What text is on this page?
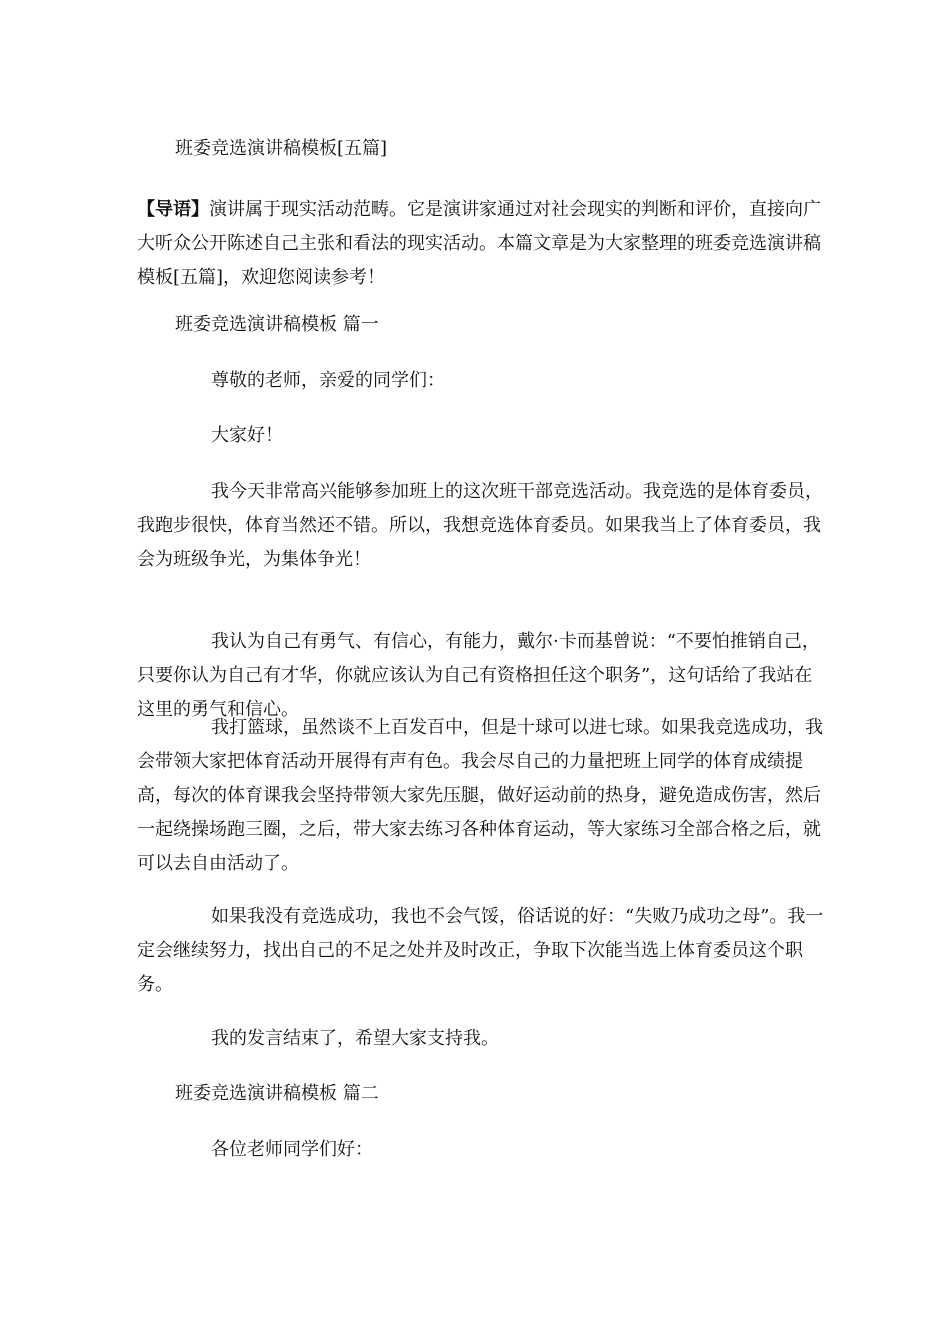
班委竞选演讲稿模板[五篇]

【导语】演讲属于现实活动范畴。它是演讲家通过对社会现实的判断和评价，直接向广大听众公开陈述自己主张和看法的现实活动。本篇文章是为大家整理的班委竞选演讲稿模板[五篇]，欢迎您阅读参考！

班委竞选演讲稿模板 篇一

尊敬的老师，亲爱的同学们：

大家好！

我今天非常高兴能够参加班上的这次班干部竞选活动。我竞选的是体育委员，我跑步很快，体育当然还不错。所以，我想竞选体育委员。如果我当上了体育委员，我会为班级争光，为集体争光！

我认为自己有勇气、有信心，有能力，戴尔·卡而基曾说：“不要怕推销自己，只要你认为自己有才华，你就应该认为自己有资格担任这个职务”，这句话给了我站在这里的勇气和信心。

我打篮球，虽然谈不上百发百中，但是十球可以进七球。如果我竞选成功，我会带领大家把体育活动开展得有声有色。我会尽自己的力量把班上同学的体育成绩提高，每次的体育课我会坚持带领大家先压腿，做好运动前的热身，避免造成伤害，然后一起绕操场跑三圈，之后，带大家去练习各种体育运动，等大家练习全部合格之后，就可以去自由活动了。

如果我没有竞选成功，我也不会气馁，俗话说的好：“失败乃成功之母”。我一定会继续努力，找出自己的不足之处并及时改正，争取下次能当选上体育委员这个职务。

我的发言结束了，希望大家支持我。

班委竞选演讲稿模板 篇二

各位老师同学们好：
